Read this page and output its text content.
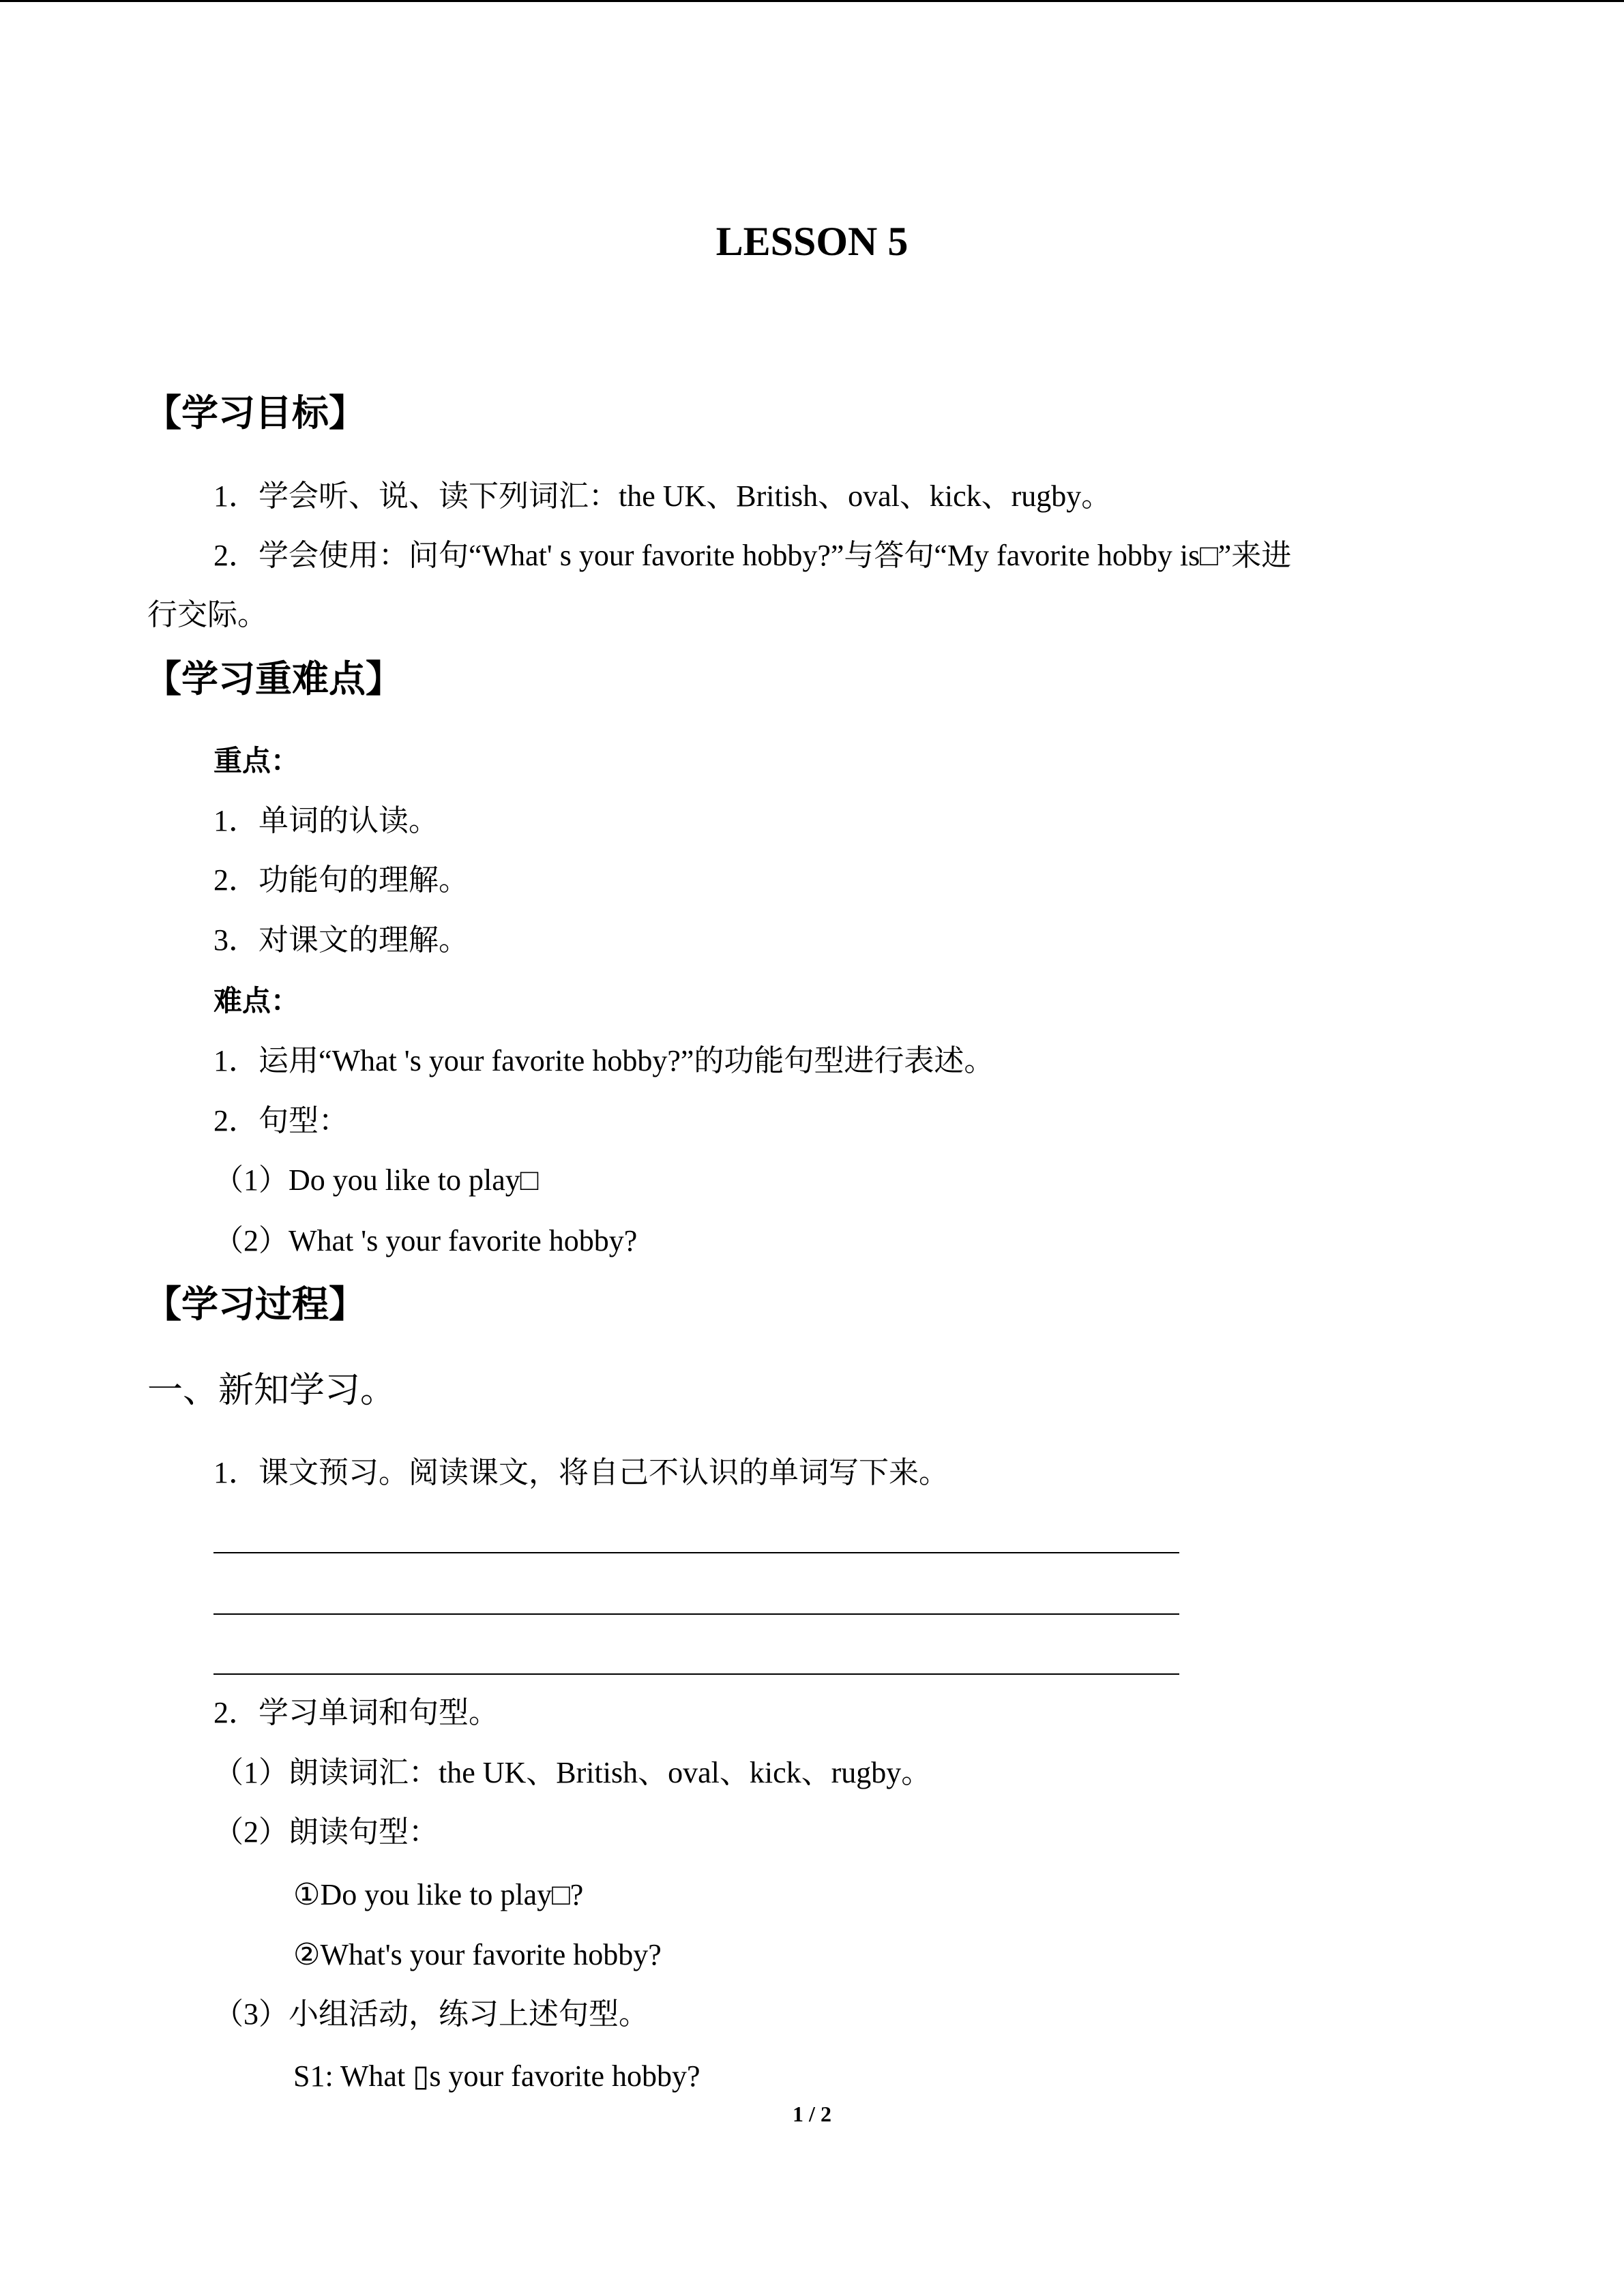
LESSON 5
【学习目标】
1．学会听、说、读下列词汇：the UK、British、oval、kick、rugby。
2．学会使用：问句“What' s your favorite hobby?”与答句“My favorite hobby is□”来进
行交际。
【学习重难点】
重点：
1．单词的认读。
2．功能句的理解。
3．对课文的理解。
难点：
1．运用“What 's your favorite hobby?”的功能句型进行表述。
2．句型：
（1）Do you like to play□
（2）What 's your favorite hobby?
【学习过程】
一、新知学习。
1．课文预习。阅读课文，将自己不认识的单词写下来。
2．学习单词和句型。
（1）朗读词汇：the UK、British、oval、kick、rugby。
（2）朗读句型：
①Do you like to play□?
②What's your favorite hobby?
（3）小组活动，练习上述句型。
S1: What ▯s your favorite hobby?
1 / 2
